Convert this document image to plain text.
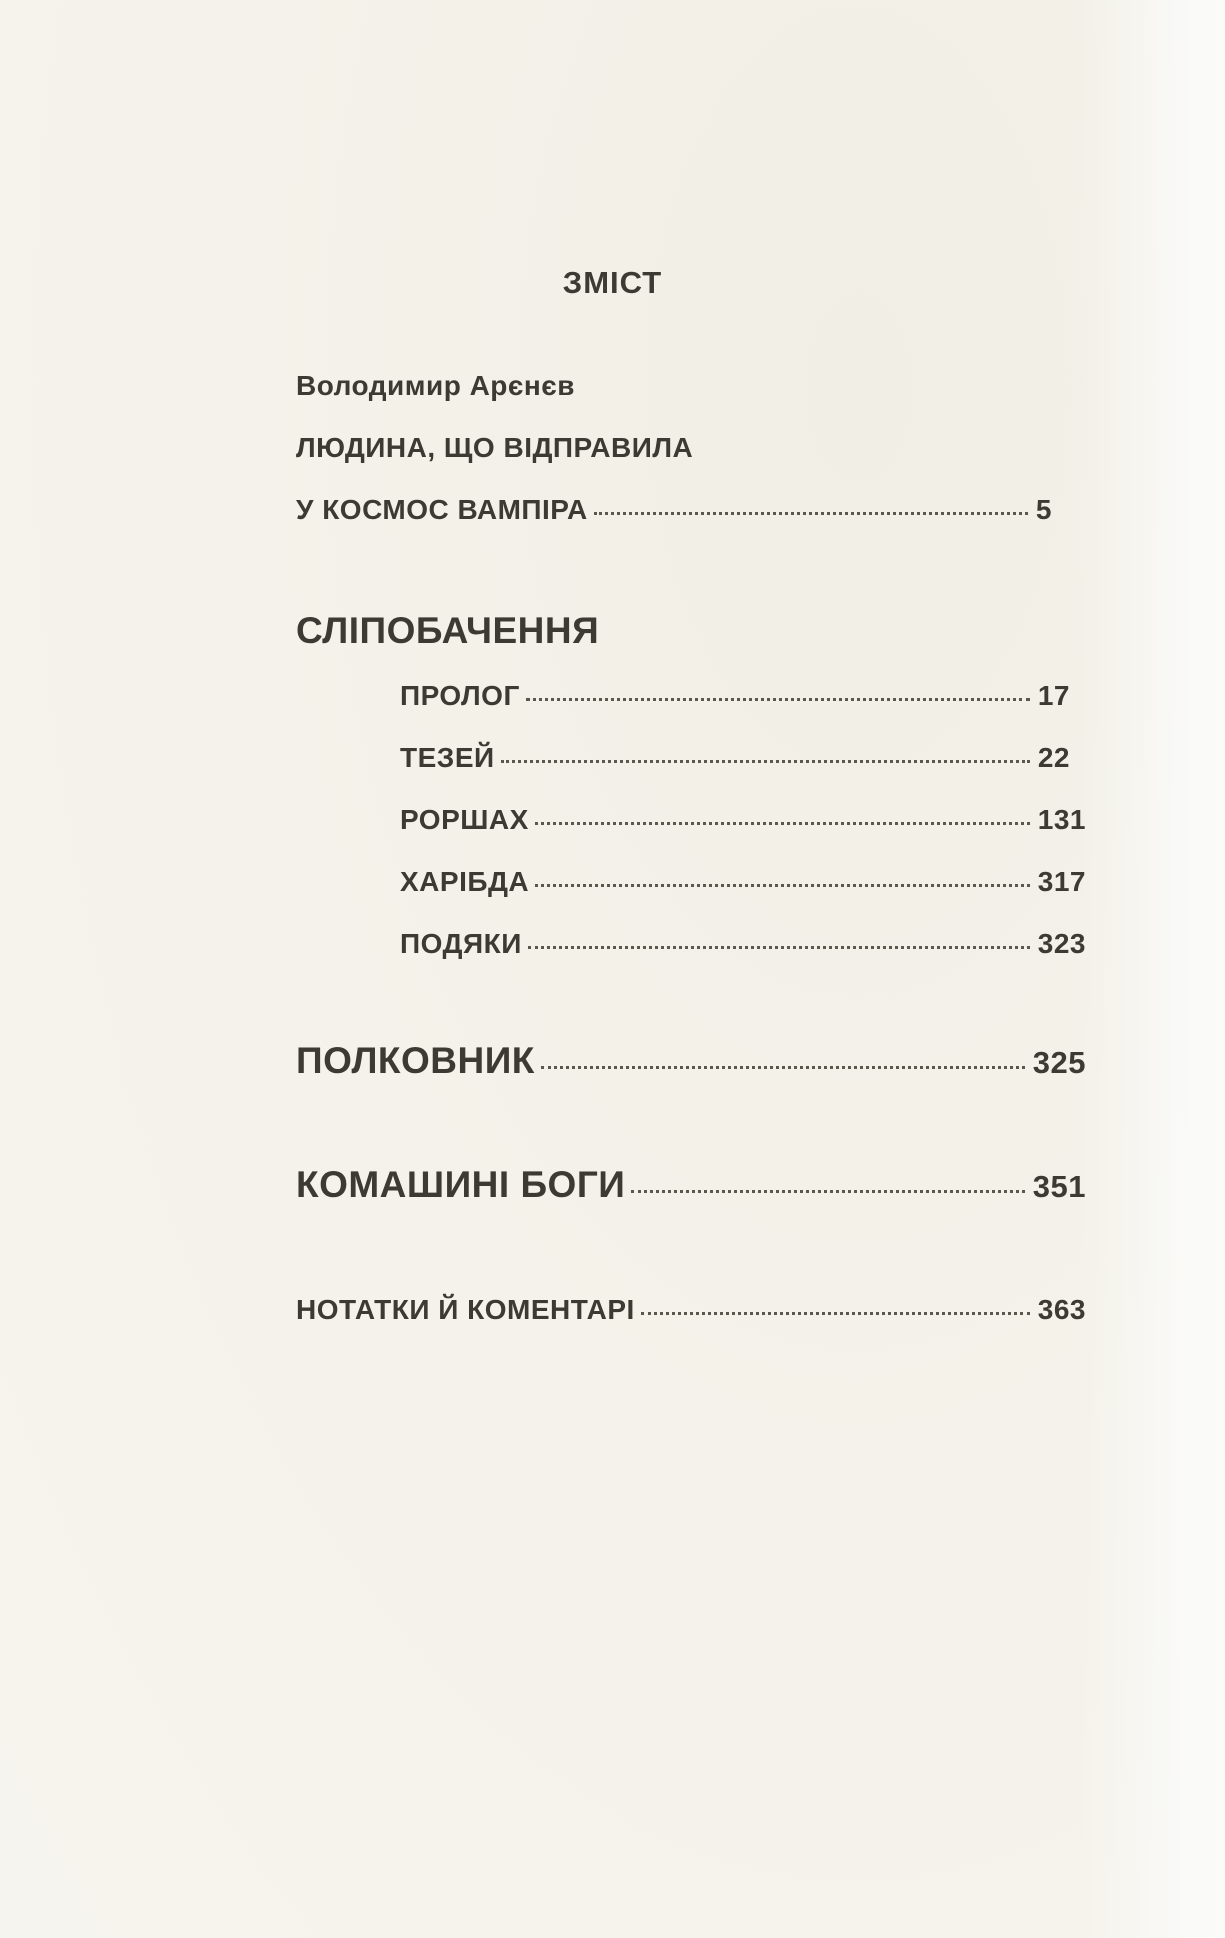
ЗМІСТ
Володимир Арєнєв
ЛЮДИНА, ЩО ВІДПРАВИЛА
У КОСМОС ВАМПІРА	5
СЛІПОБАЧЕННЯ
ПРОЛОГ	17
ТЕЗЕЙ	22
РОРШАХ	131
ХАРІБДА	317
ПОДЯКИ	323
ПОЛКОВНИК	325
КОМАШИНІ БОГИ	351
НОТАТКИ Й КОМЕНТАРІ	363
